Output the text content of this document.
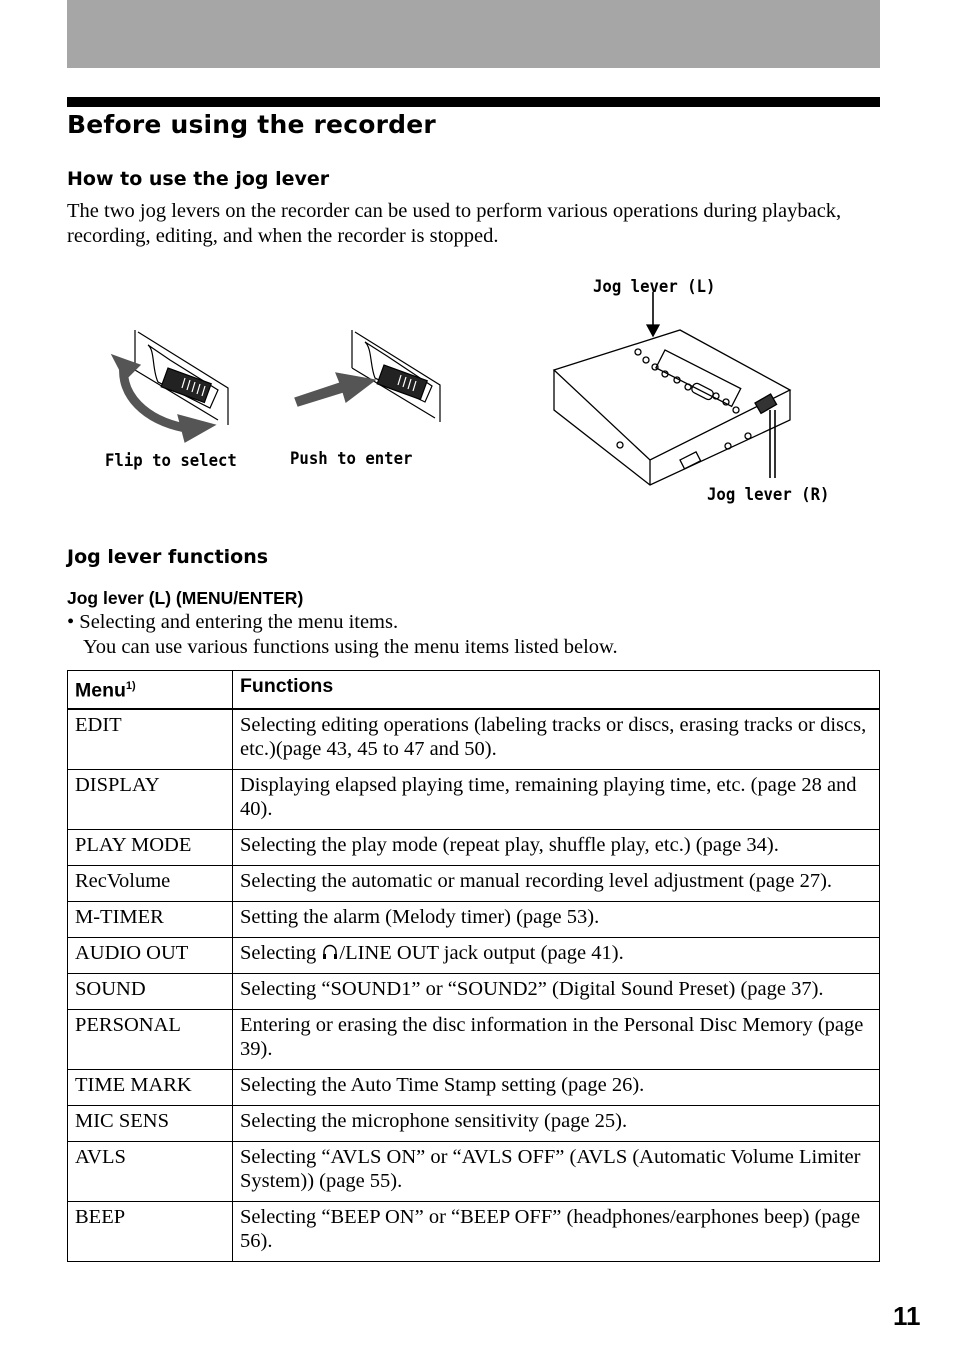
Before using the recorder
How to use the jog lever

The two jog levers on the recorder can be used to perform various operations during playback, recording, editing, and when the recorder is stopped.

Flip to select	Push to enter

Jog lever (L)

Jog lever (R)

Jog lever functions

Jog lever (L) (MENU/ENTER)

• Selecting and entering the menu items.
You can use various functions using the menu items listed below.

Menu$^{1)}$	Functions
EDIT	Selecting editing operations (labeling tracks or discs, erasing tracks or discs, etc.)(page 43, 45 to 47 and 50).
DISPLAY	Displaying elapsed playing time, remaining playing time, etc. (page 28 and 40).
PLAY MODE	Selecting the play mode (repeat play, shuffle play, etc.) (page 34).
RecVolume	Selecting the automatic or manual recording level adjustment (page 27).
M-TIMER	Setting the alarm (Melody timer) (page 53).
AUDIO OUT	Selecting /LINE OUT jack output (page 41).
SOUND	Selecting “SOUND1” or “SOUND2” (Digital Sound Preset) (page 37).
PERSONAL	Entering or erasing the disc information in the Personal Disc Memory (page 39).
TIME MARK	Selecting the Auto Time Stamp setting (page 26).
MIC SENS	Selecting the microphone sensitivity (page 25).
AVLS	Selecting “AVLS ON” or “AVLS OFF” (AVLS (Automatic Volume Limiter System)) (page 55).
BEEP	Selecting “BEEP ON” or “BEEP OFF” (headphones/earphones beep) (page 56).

11
